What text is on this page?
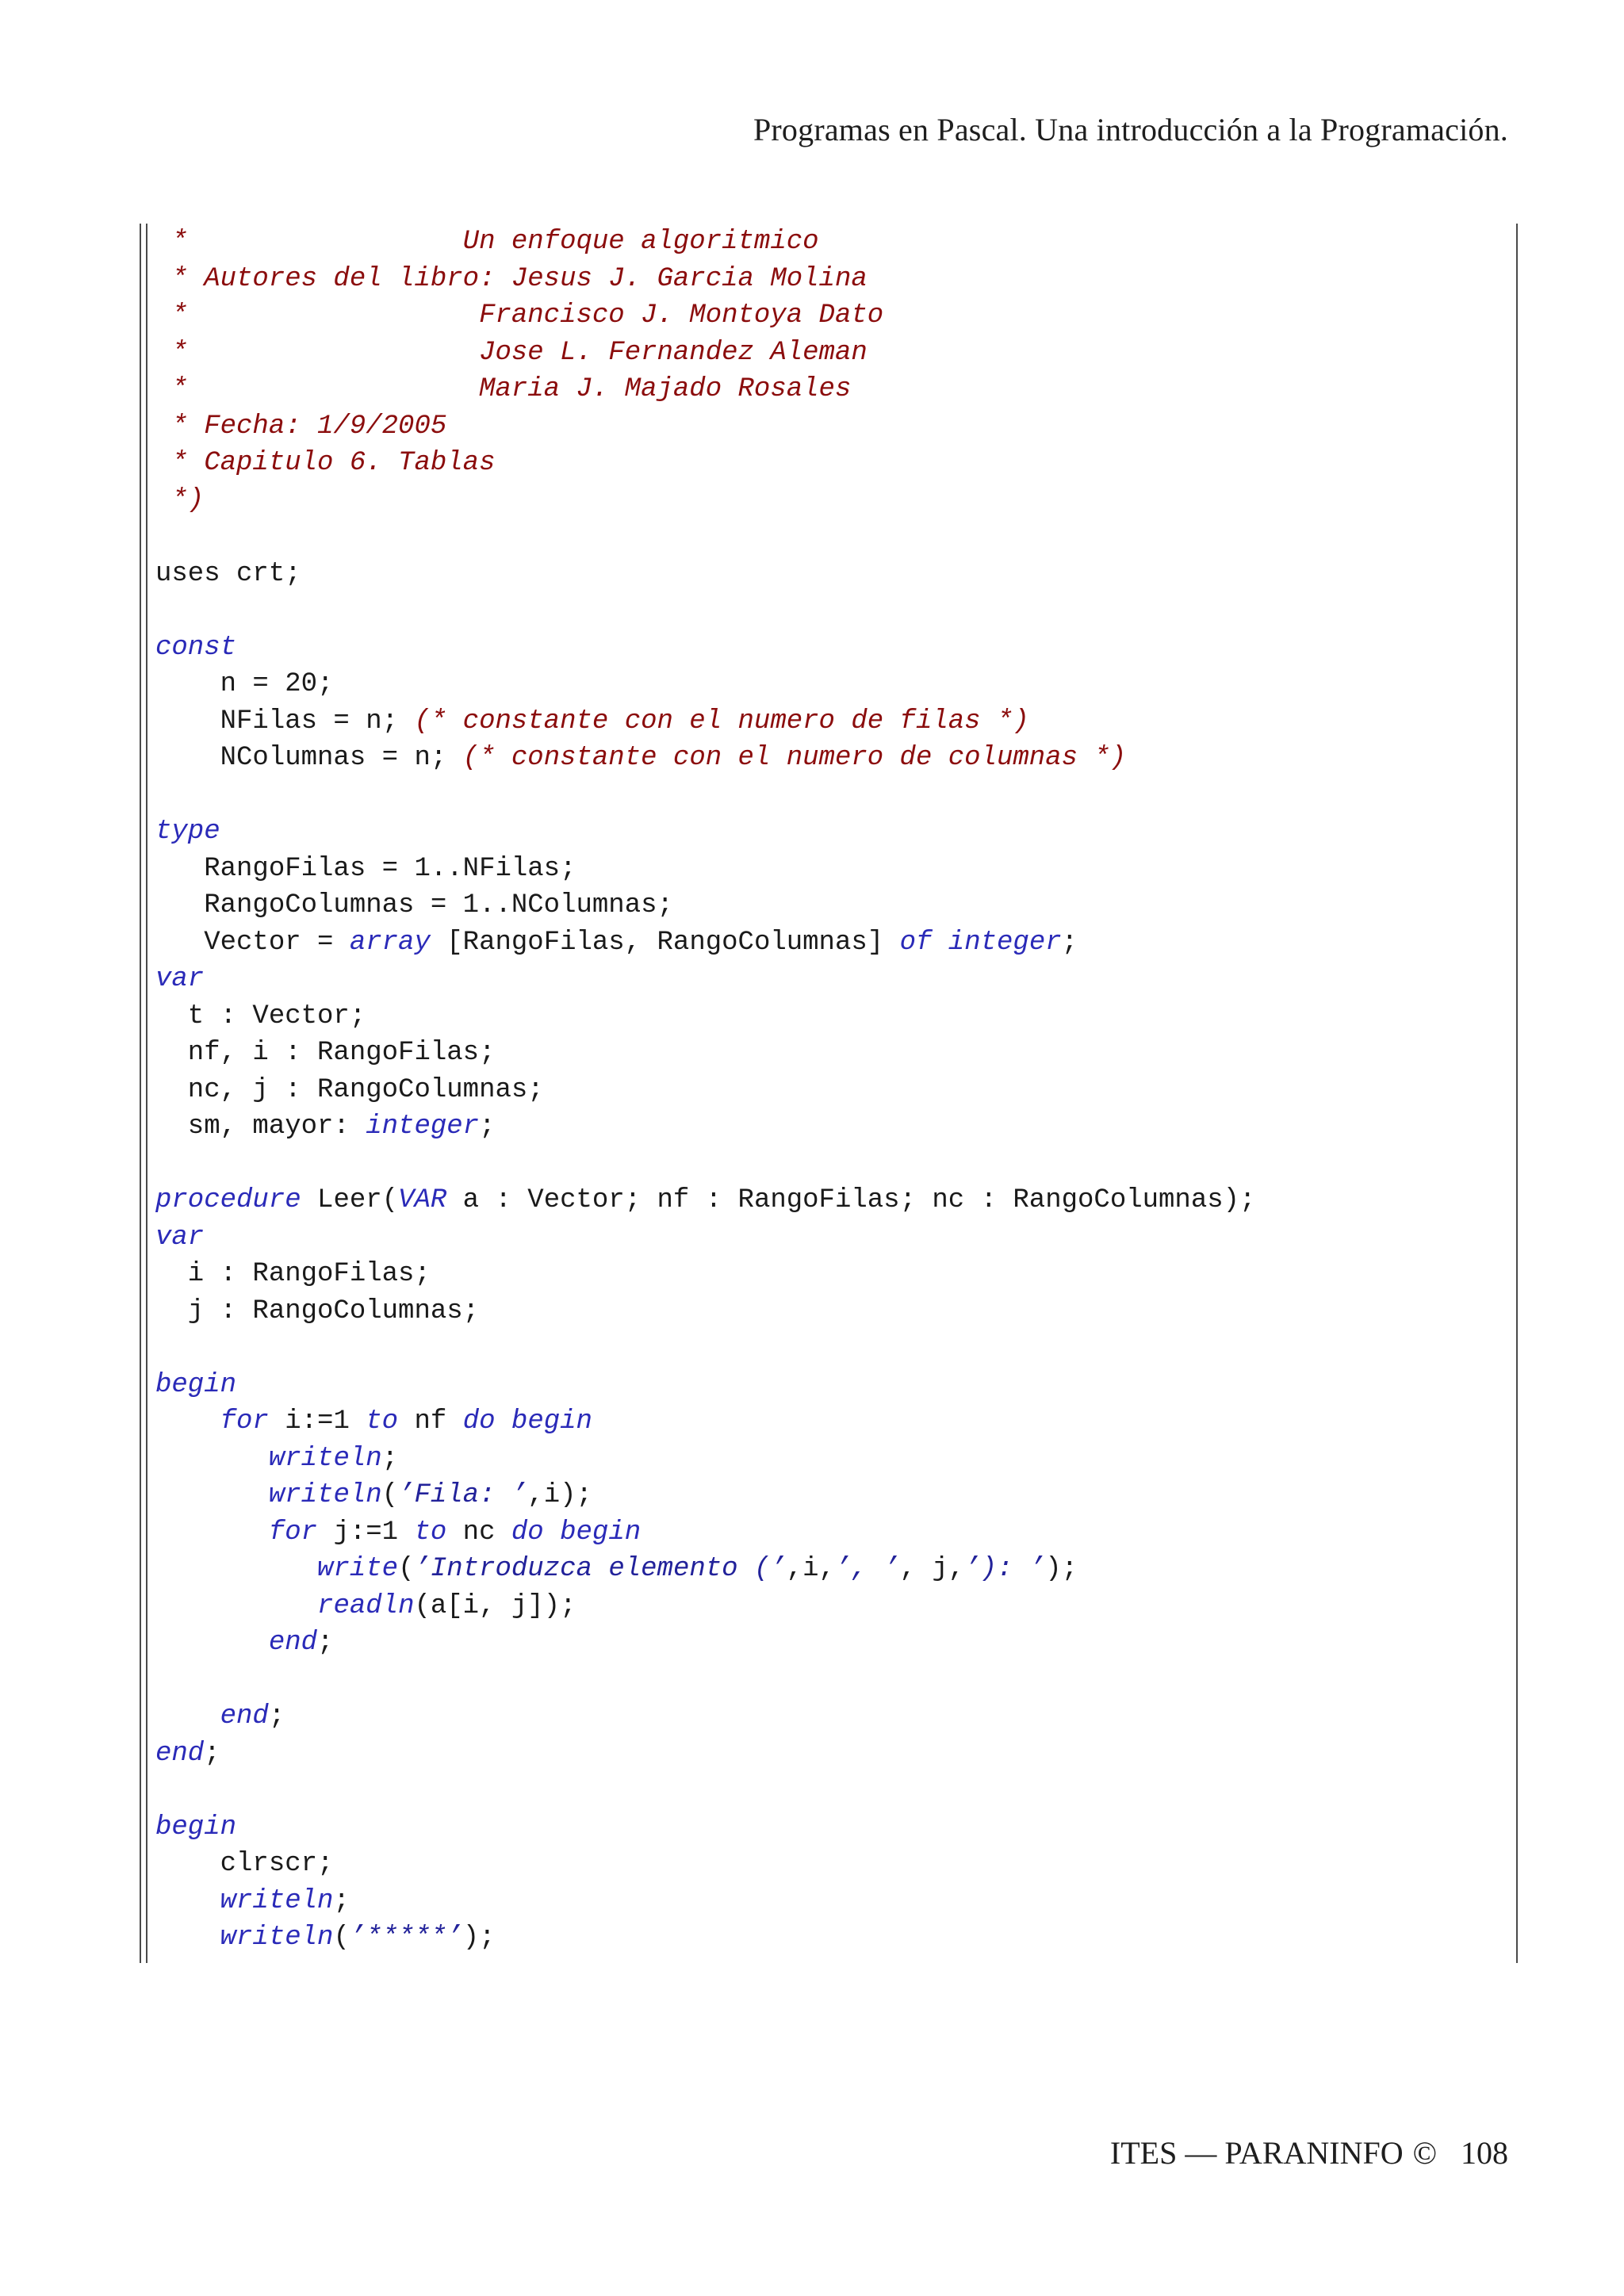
Programas en Pascal. Una introducción a la Programación.
*                 Un enfoque algoritmico
* Autores del libro: Jesus J. Garcia Molina
*                  Francisco J. Montoya Dato
*                  Jose L. Fernandez Aleman
*                  Maria J. Majado Rosales
* Fecha: 1/9/2005
* Capitulo 6. Tablas
*)
uses crt;
const
n = 20;
NFilas = n; (* constante con el numero de filas *)
NColumnas = n; (* constante con el numero de columnas *)
type
RangoFilas = 1..NFilas;
RangoColumnas = 1..NColumnas;
Vector = array [RangoFilas, RangoColumnas] of integer;
var
t : Vector;
nf, i : RangoFilas;
nc, j : RangoColumnas;
sm, mayor: integer;
procedure Leer(VAR a : Vector; nf : RangoFilas; nc : RangoColumnas);
var
i : RangoFilas;
j : RangoColumnas;
begin
for i:=1 to nf do begin
writeln;
writeln(’Fila: ’,i);
for j:=1 to nc do begin
write(’Introduzca elemento (’,i,’, ’, j,’): ’);
readln(a[i, j]);
end;
end;
end;
begin
clrscr;
writeln;
writeln(’*****’);
ITES — PARANINFO © 108
